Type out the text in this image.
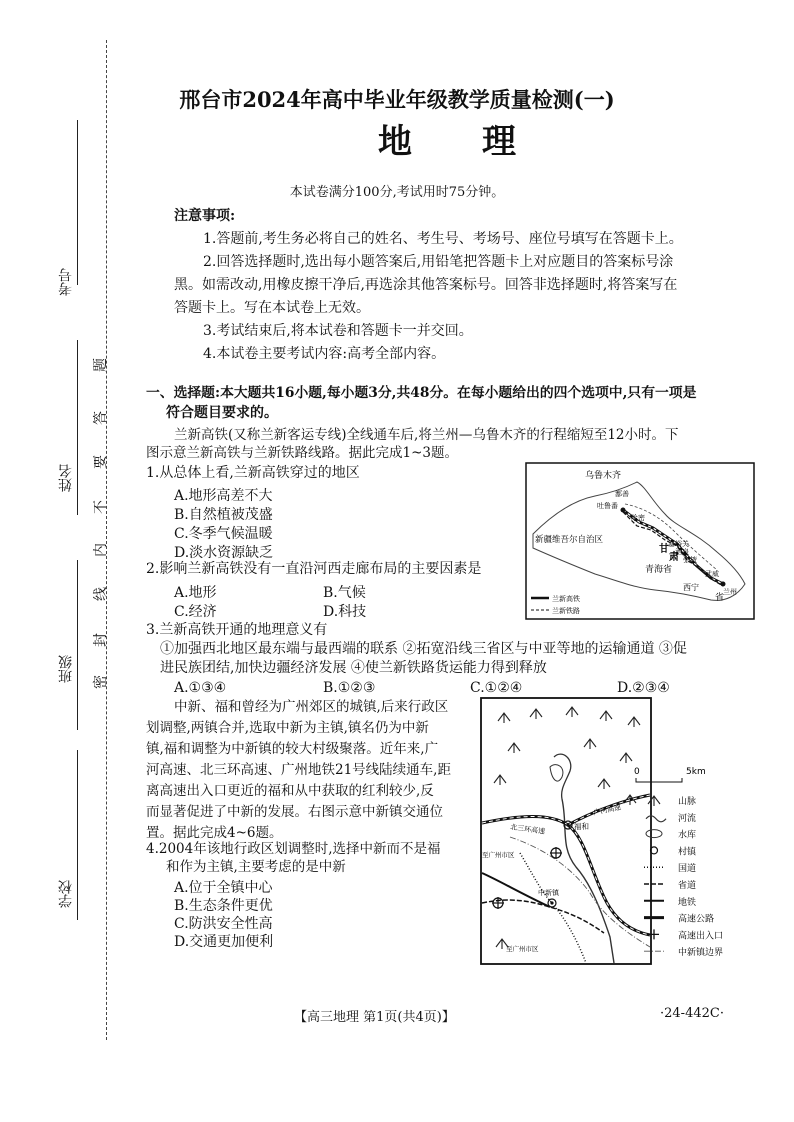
考号
姓名
班级
学校
题
答
要
不
内
线
封
密
邢台市2024年高中毕业年级教学质量检测(一)
地理
本试卷满分100分,考试用时75分钟。
注意事项:
1.答题前,考生务必将自己的姓名、考生号、考场号、座位号填写在答题卡上。
2.回答选择题时,选出每小题答案后,用铅笔把答题卡上对应题目的答案标号涂
黑。如需改动,用橡皮擦干净后,再选涂其他答案标号。回答非选择题时,将答案写在
答题卡上。写在本试卷上无效。
3.考试结束后,将本试卷和答题卡一并交回。
4.本试卷主要考试内容:高考全部内容。
一、选择题:本大题共16小题,每小题3分,共48分。在每小题给出的四个选项中,只有一项是
符合题目要求的。
兰新高铁(又称兰新客运专线)全线通车后,将兰州—乌鲁木齐的行程缩短至12小时。下
图示意兰新高铁与兰新铁路线路。据此完成1~3题。
1.从总体上看,兰新高铁穿过的地区
A.地形高差不大
B.自然植被茂盛
C.冬季气候温暖
D.淡水资源缺乏
2.影响兰新高铁没有一直沿河西走廊布局的主要因素是
A.地形	B.气候
C.经济	D.科技
3.兰新高铁开通的地理意义有
①加强西北地区最东端与最西端的联系 ②拓宽沿线三省区与中亚等地的运输通道 ③促
进民族团结,加快边疆经济发展 ④使兰新铁路货运能力得到释放
A.①③④	B.①②③	C.①②④	D.②③④
中新、福和曾经为广州郊区的城镇,后来行政区
划调整,两镇合并,选取中新为主镇,镇名仍为中新
镇,福和调整为中新镇的较大村级聚落。近年来,广
河高速、北三环高速、广州地铁21号线陆续通车,距
离高速出入口更近的福和从中获取的红利较少,反
而显著促进了中新的发展。右图示意中新镇交通位
置。据此完成4~6题。
4.2004年该地行政区划调整时,选择中新而不是福
和作为主镇,主要考虑的是中新
A.位于全镇中心
B.生态条件更优
C.防洪安全性高
D.交通更加便利
乌鲁木齐
鄯善
吐鲁番
哈密
嘉峪关
酒泉
张掖
武威
兰州
西宁
新疆维吾尔自治区
甘
肃
青海省
省
兰新高铁
兰新铁路
北三环高速	福和
广河高速
至广州市区
中新镇
至广州市区
0	5km
山脉
河流
水库
村镇
国道
省道
地铁
高速公路
高速出入口
中新镇边界
【高三地理 第1页(共4页)】	·24-442C·
